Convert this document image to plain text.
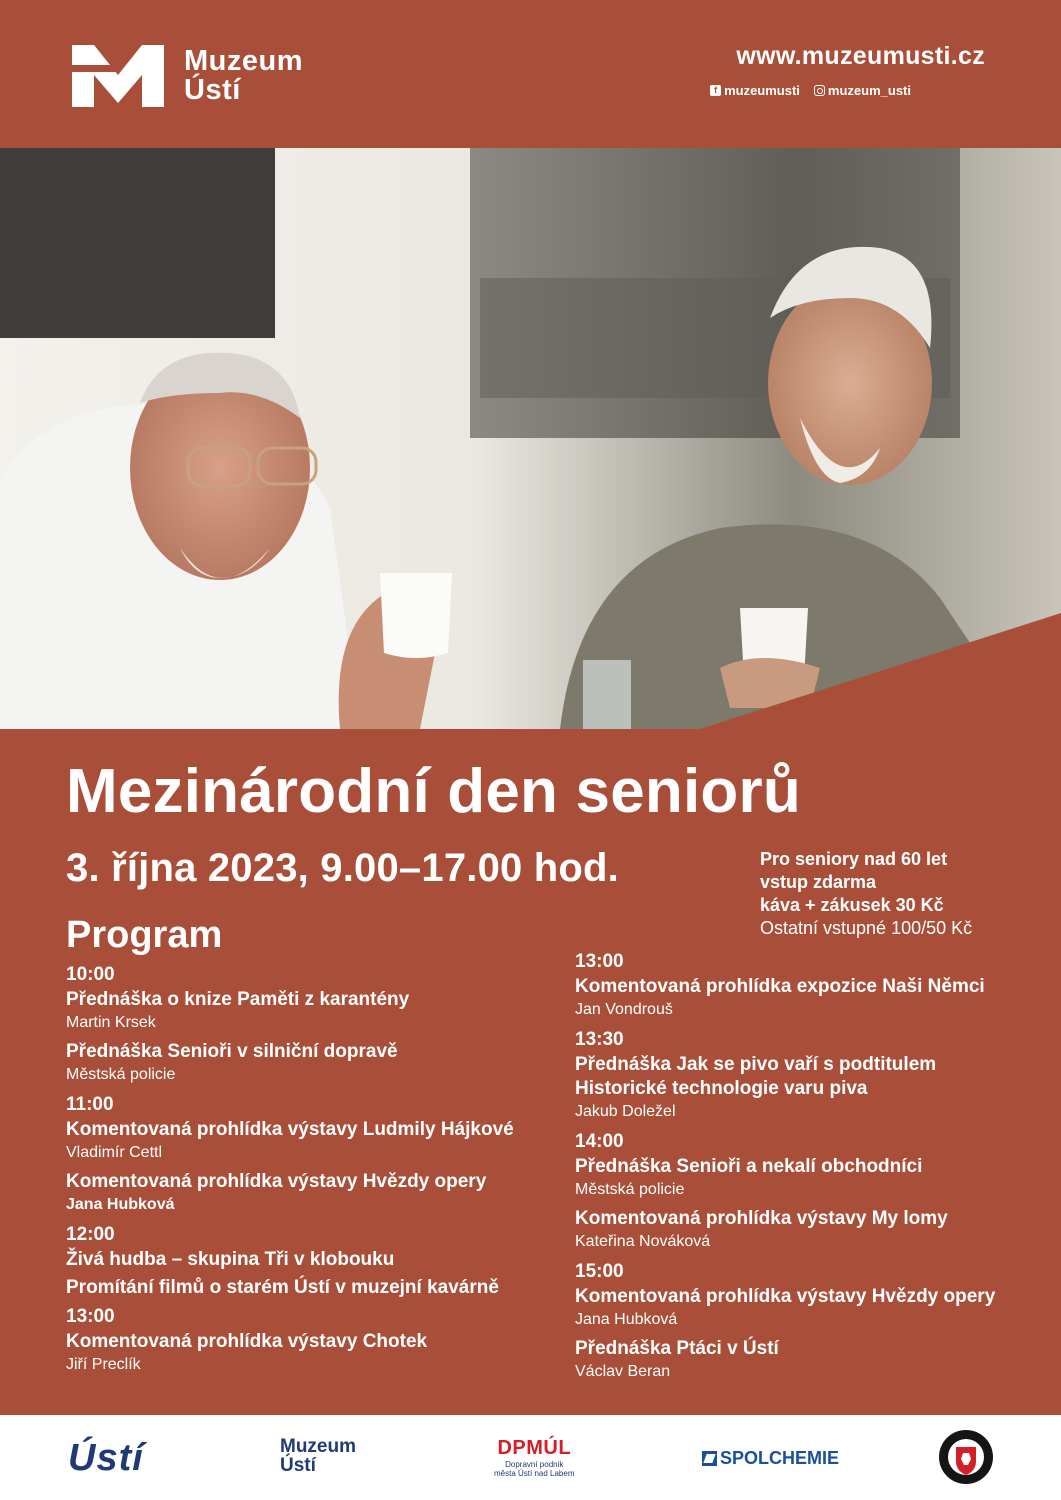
Muzeum
Ústí
www.muzeumusti.cz
f muzeumusti muzeum_usti
Mezinárodní den seniorů
3. října 2023, 9.00–17.00 hod.	Pro seniory nad 60 let
vstup zdarma
káva + zákusek 30 Kč
Ostatní vstupné 100/50 Kč
Program
10:00
Přednáška o knize Paměti z karantény
Martin Krsek
Přednáška Senioři v silniční dopravě
Městská policie
11:00
Komentovaná prohlídka výstavy Ludmily Hájkové
Vladimír Cettl
Komentovaná prohlídka výstavy Hvězdy opery
Jana Hubková
12:00
Živá hudba – skupina Tři v klobouku
Promítání filmů o starém Ústí v muzejní kavárně
13:00
Komentovaná prohlídka výstavy Chotek
Jiří Preclík
13:00
Komentovaná prohlídka expozice Naši Němci
Jan Vondrouš
13:30
Přednáška Jak se pivo vaří s podtitulem
Historické technologie varu piva
Jakub Doležel
14:00
Přednáška Senioři a nekalí obchodníci
Městská policie
Komentovaná prohlídka výstavy My lomy
Kateřina Nováková
15:00
Komentovaná prohlídka výstavy Hvězdy opery
Jana Hubková
Přednáška Ptáci v Ústí
Václav Beran
Ústí	Muzeum
Ústí
DPMÚL
Dopravní podnik
města Ústí nad Labem
SPOLCHEMIE
